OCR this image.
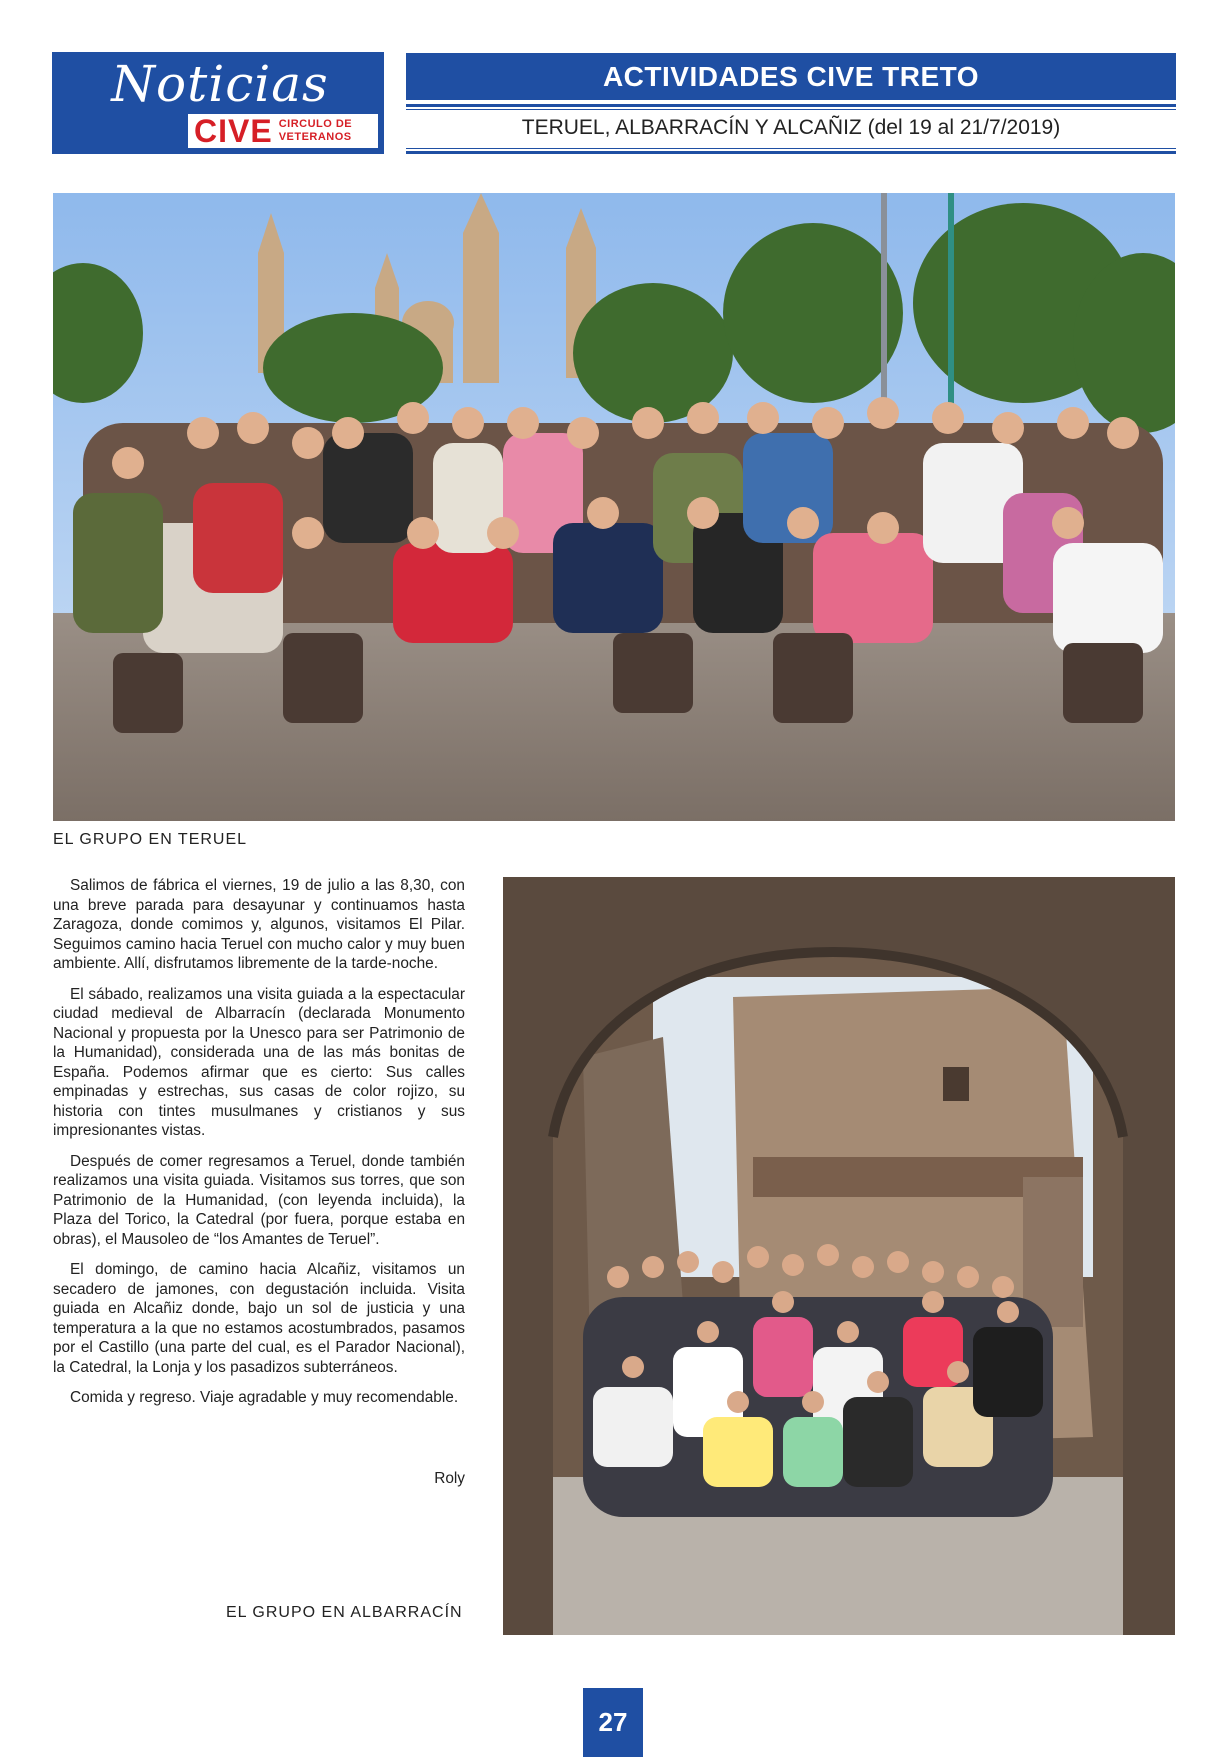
Noticias
CIVE CIRCULO DE
VETERANOS
ACTIVIDADES CIVE TRETO
TERUEL, ALBARRACÍN Y ALCAÑIZ (del 19 al 21/7/2019)
EL GRUPO EN TERUEL

Salimos de fábrica el viernes, 19 de julio a las 8,30, con una breve parada para desayunar y continuamos hasta Zaragoza, donde comimos y, algunos, visitamos El Pilar. Seguimos camino hacia Teruel con mucho calor y muy buen ambiente. Allí, disfrutamos libremente de la tarde-noche.

El sábado, realizamos una visita guiada a la espectacular ciudad medieval de Albarracín (declarada Monumento Nacional y propuesta por la Unesco para ser Patrimonio de la Humanidad), considerada una de las más bonitas de España. Podemos afirmar que es cierto: Sus calles empinadas y estrechas, sus casas de color rojizo, su historia con tintes musulmanes y cristianos y sus impresionantes vistas.

Después de comer regresamos a Teruel, donde también realizamos una visita guiada. Visitamos sus torres, que son Patrimonio de la Humanidad, (con leyenda incluida), la Plaza del Torico, la Catedral (por fuera, porque estaba en obras), el Mausoleo de “los Amantes de Teruel”.

El domingo, de camino hacia Alcañiz, visitamos un secadero de jamones, con degustación incluida. Visita guiada en Alcañiz donde, bajo un sol de justicia y una temperatura a la que no estamos acostumbrados, pasamos por el Castillo (una parte del cual, es el Parador Nacional), la Catedral, la Lonja y los pasadizos subterráneos.

Comida y regreso. Viaje agradable y muy recomendable.

Roly
EL GRUPO EN ALBARRACÍN
27
